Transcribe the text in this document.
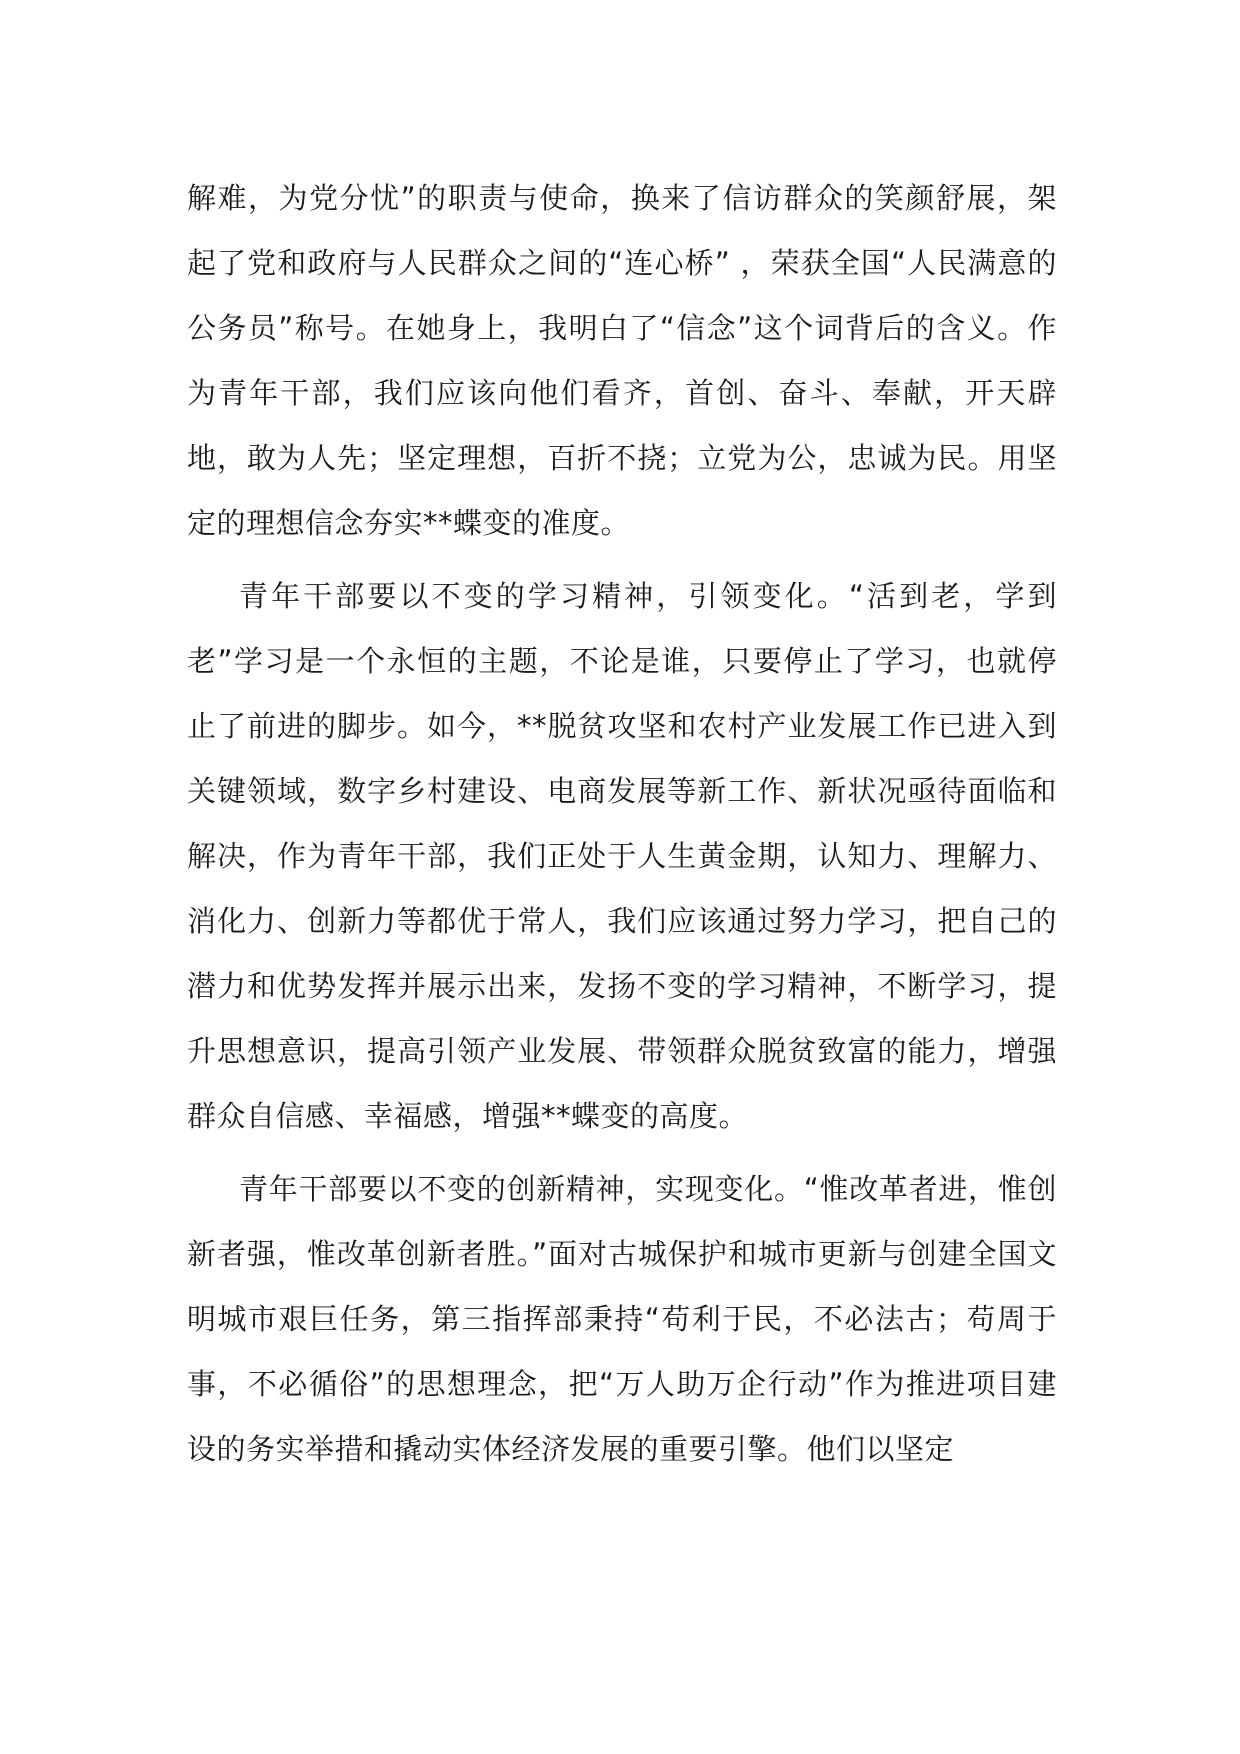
解难，为党分忧”的职责与使命，换来了信访群众的笑颜舒展，架起了党和政府与人民群众之间的“连心桥” ，荣获全国“人民满意的公务员”称号。在她身上，我明白了“信念”这个词背后的含义。作为青年干部，我们应该向他们看齐，首创、奋斗、奉献，开天辟地，敢为人先；坚定理想，百折不挠；立党为公，忠诚为民。用坚定的理想信念夯实**蝶变的准度。

青年干部要以不变的学习精神，引领变化。“活到老，学到老”学习是一个永恒的主题，不论是谁，只要停止了学习，也就停止了前进的脚步。如今，**脱贫攻坚和农村产业发展工作已进入到关键领域，数字乡村建设、电商发展等新工作、新状况亟待面临和解决，作为青年干部，我们正处于人生黄金期，认知力、理解力、消化力、创新力等都优于常人，我们应该通过努力学习，把自己的潜力和优势发挥并展示出来，发扬不变的学习精神，不断学习，提升思想意识，提高引领产业发展、带领群众脱贫致富的能力，增强群众自信感、幸福感，增强**蝶变的高度。

青年干部要以不变的创新精神，实现变化。“惟改革者进，惟创新者强，惟改革创新者胜。”面对古城保护和城市更新与创建全国文明城市艰巨任务，第三指挥部秉持“苟利于民，不必法古；苟周于事，不必循俗”的思想理念，把“万人助万企行动”作为推进项目建设的务实举措和撬动实体经济发展的重要引擎。他们以坚定
